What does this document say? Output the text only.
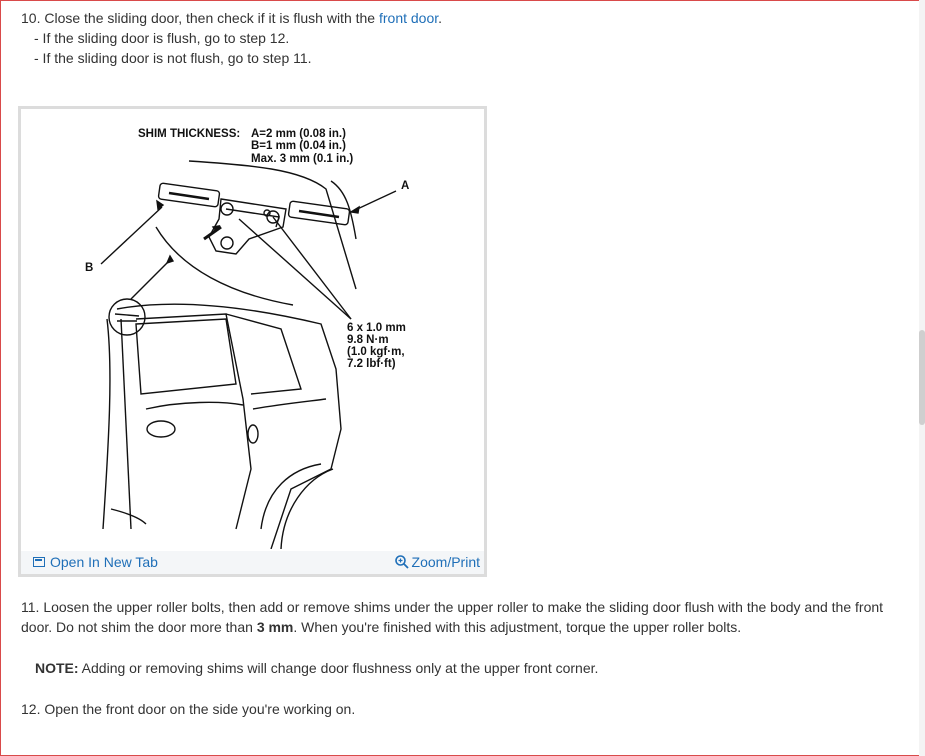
10. Close the sliding door, then check if it is flush with the front door.
- If the sliding door is flush, go to step 12.
- If the sliding door is not flush, go to step 11.
SHIM THICKNESS: A=2 mm (0.08 in.)
B=1 mm (0.04 in.)
Max. 3 mm (0.1 in.)
A
B
6 x 1.0 mm
9.8 N·m
(1.0 kgf·m,
7.2 lbf·ft)
Open In New Tab	Zoom/Print
11. Loosen the upper roller bolts, then add or remove shims under the upper roller to make the sliding door flush with the body and the front door. Do not shim the door more than 3 mm. When you're finished with this adjustment, torque the upper roller bolts.
NOTE: Adding or removing shims will change door flushness only at the upper front corner.
12. Open the front door on the side you're working on.
